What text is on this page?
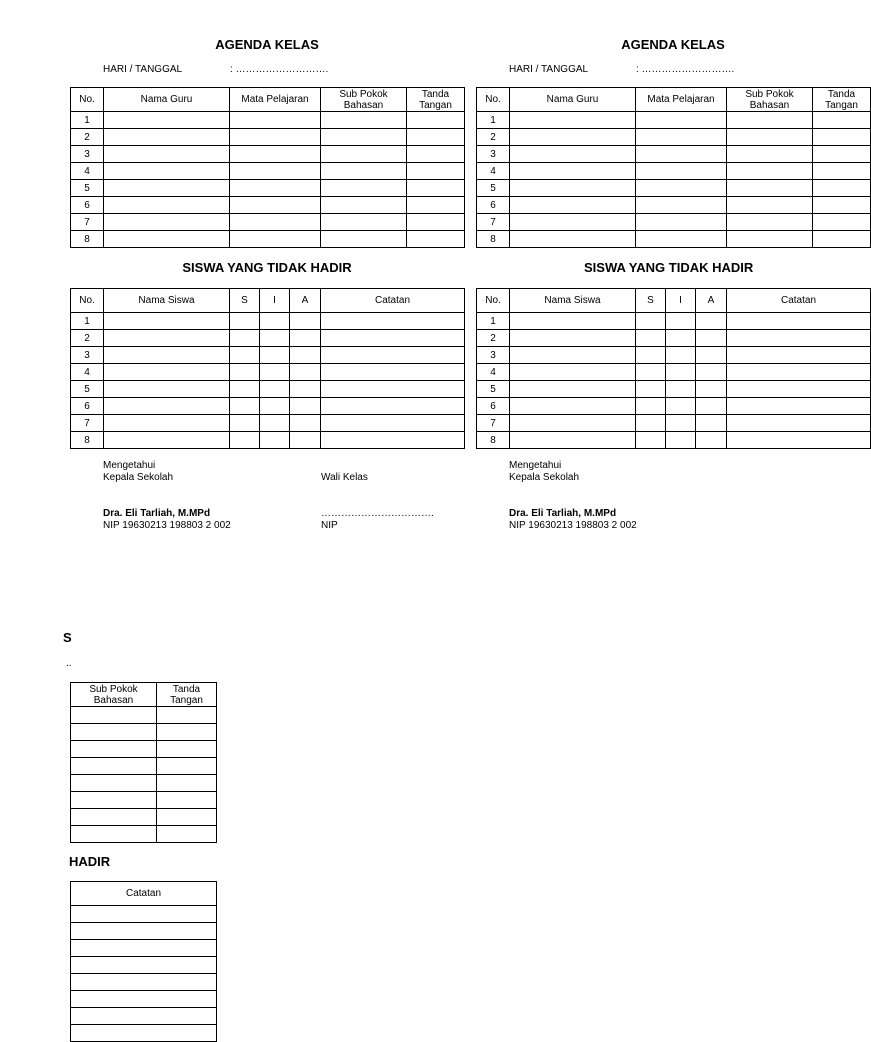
AGENDA KELAS
HARI / TANGGAL	: ……………………….
No.	Nama Guru	Mata Pelajaran	Sub Pokok Bahasan	Tanda Tangan
1				
2				
3				
4				
5				
6				
7				
8				
SISWA YANG TIDAK HADIR
No.	Nama Siswa	S	I	A	Catatan
1					
2					
3					
4					
5					
6					
7					
8					
Mengetahui
Kepala Sekolah	Wali Kelas
Dra. Eli Tarliah, M.MPd
NIP 19630213 198803 2 002
…………………………….
NIP
AGENDA KELAS
HARI / TANGGAL	: ……………………….
No.	Nama Guru	Mata Pelajaran	Sub Pokok Bahasan	Tanda Tangan
1				
2				
3				
4				
5				
6				
7				
8				
SISWA YANG TIDAK HADIR
No.	Nama Siswa	S	I	A	Catatan
1					
2					
3					
4					
5					
6					
7					
8					
Mengetahui
Kepala Sekolah
Dra. Eli Tarliah, M.MPd
NIP 19630213 198803 2 002
S
..
Sub Pokok Bahasan	Tanda Tangan

HADIR
Catatan
